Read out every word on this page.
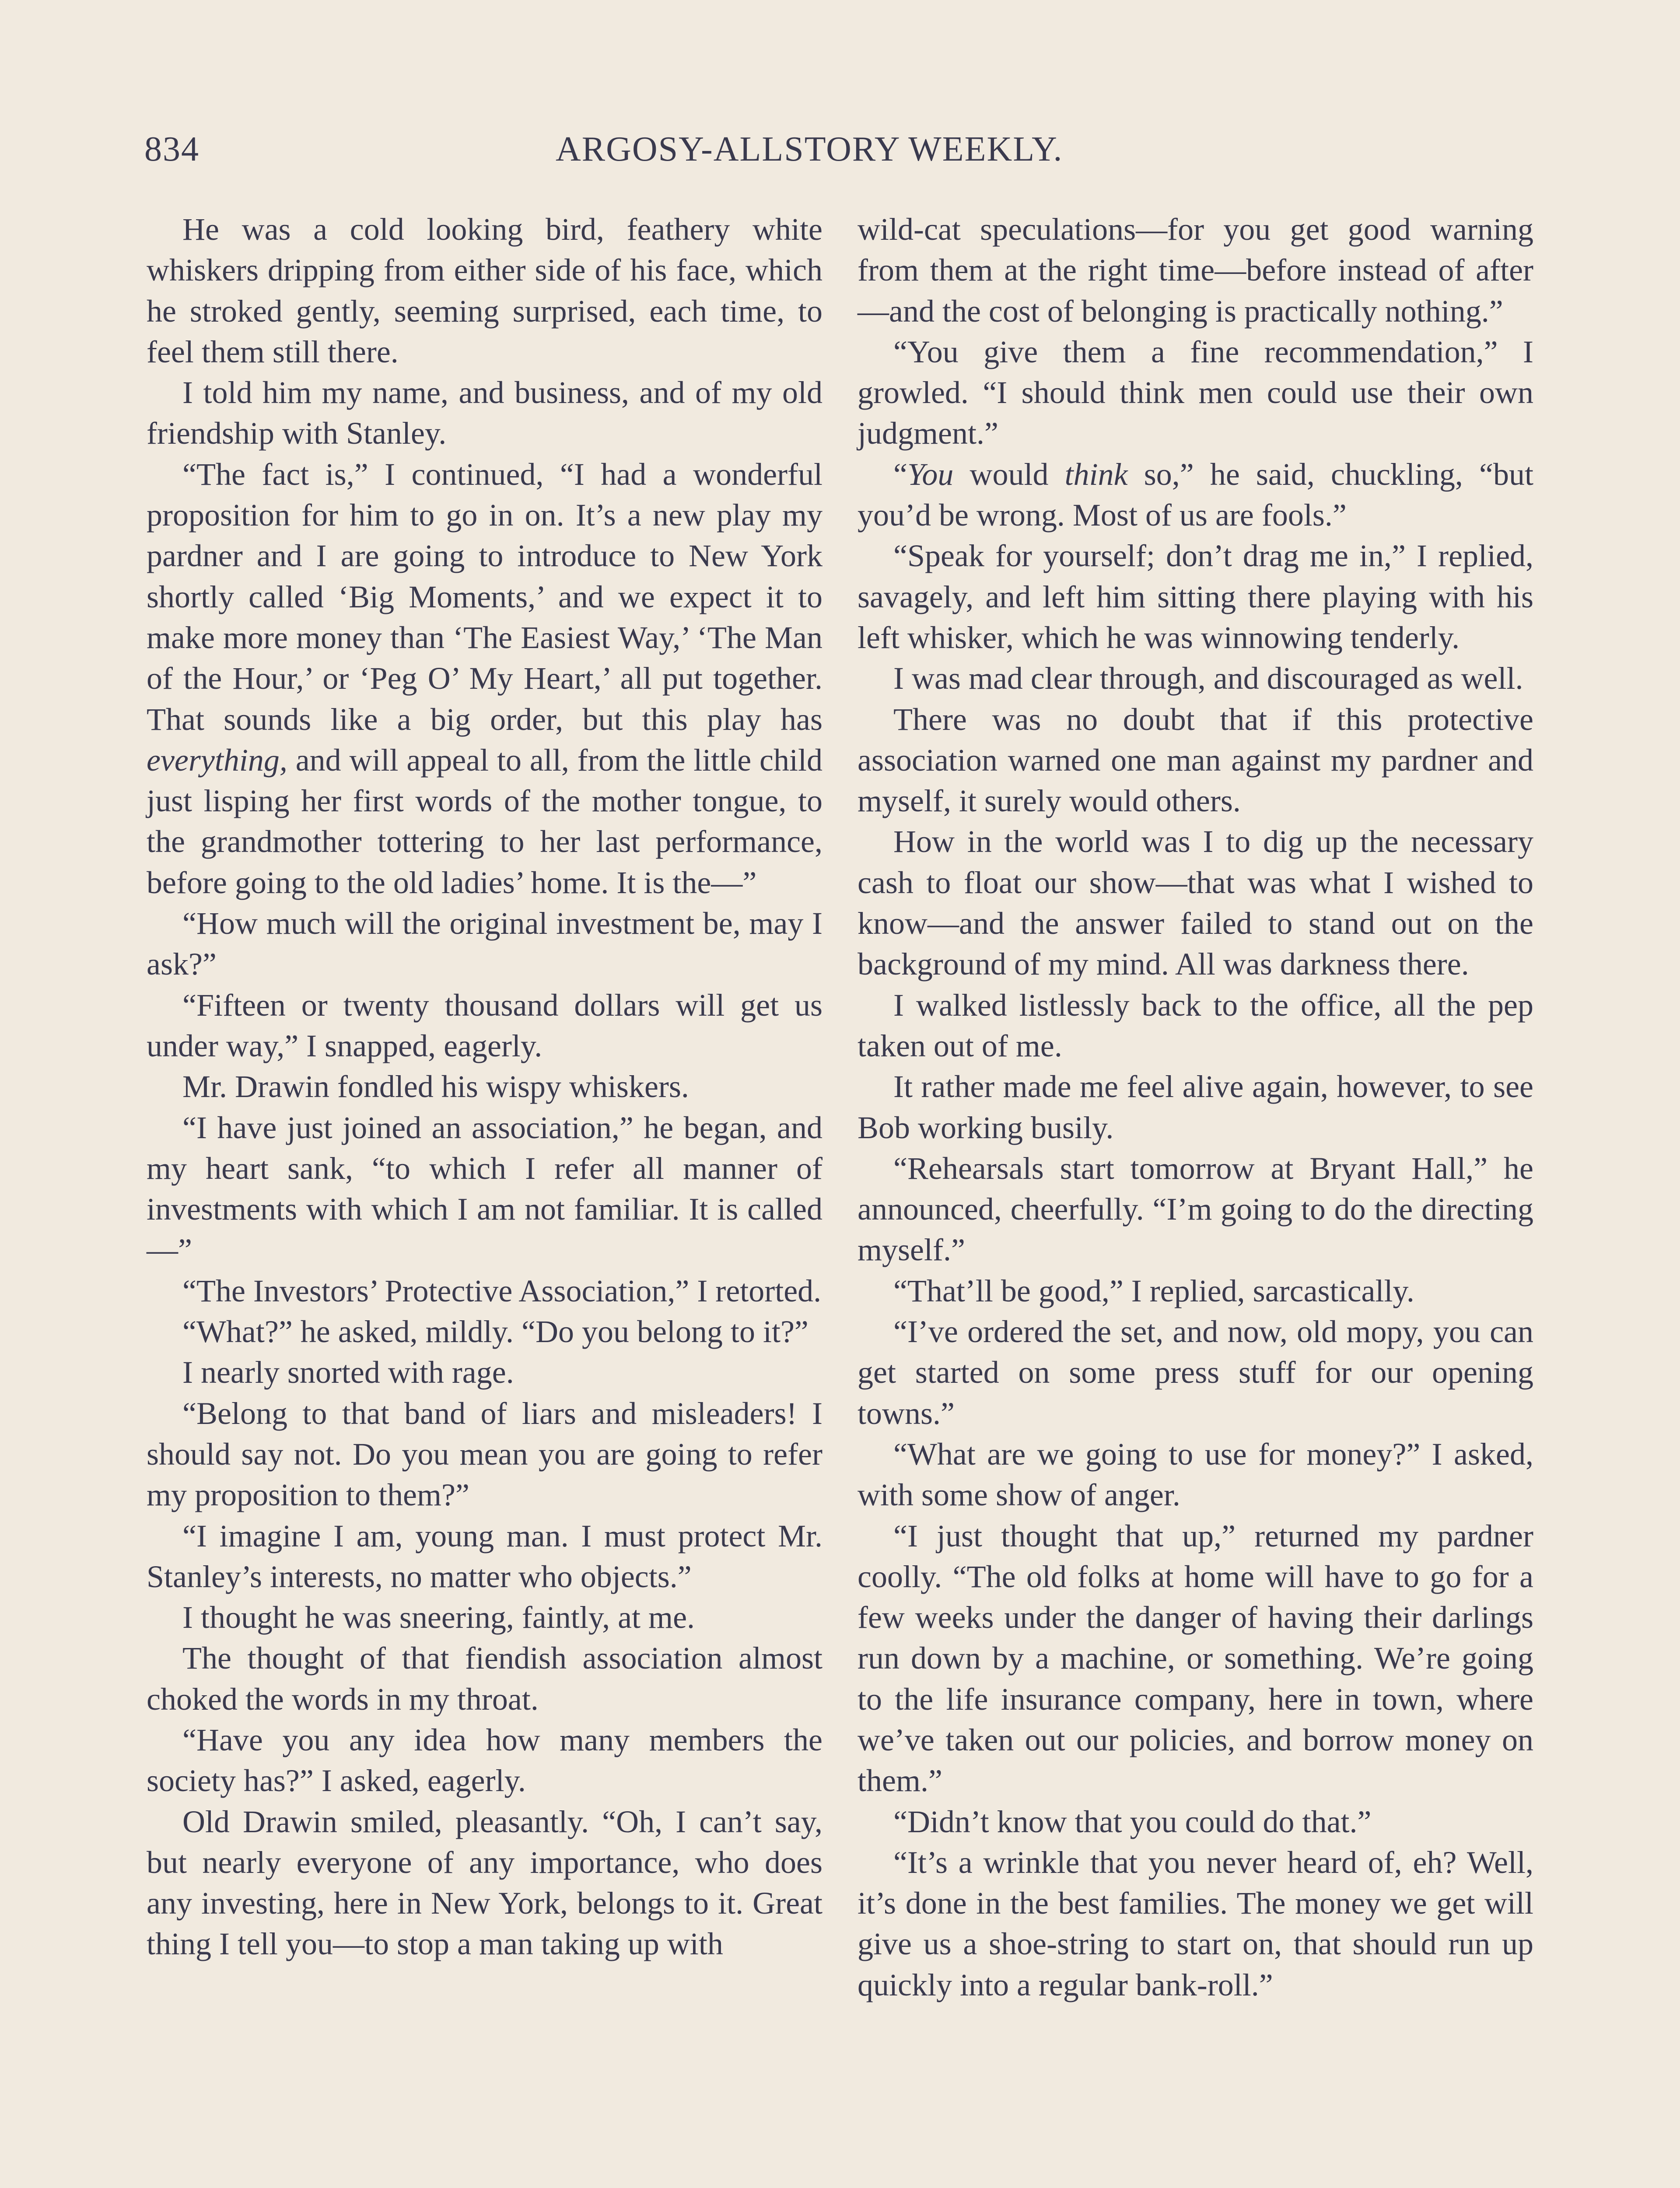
834	ARGOSY-ALLSTORY WEEKLY.

He was a cold looking bird, feathery white whiskers dripping from either side of his face, which he stroked gently, seeming surprised, each time, to feel them still there.

I told him my name, and business, and of my old friendship with Stanley.

“The fact is,” I continued, “I had a wonderful proposition for him to go in on. It’s a new play my pardner and I are going to introduce to New York shortly called ‘Big Moments,’ and we expect it to make more money than ‘The Easiest Way,’ ‘The Man of the Hour,’ or ‘Peg O’ My Heart,’ all put together. That sounds like a big order, but this play has everything, and will appeal to all, from the little child just lisping her first words of the mother tongue, to the grandmother tottering to her last performance, before going to the old ladies’ home. It is the—”

“How much will the original investment be, may I ask?”

“Fifteen or twenty thousand dollars will get us under way,” I snapped, eagerly.

Mr. Drawin fondled his wispy whiskers.

“I have just joined an association,” he began, and my heart sank, “to which I refer all manner of investments with which I am not familiar. It is called—”

“The Investors’ Protective Association,” I retorted.

“What?” he asked, mildly. “Do you belong to it?”

I nearly snorted with rage.

“Belong to that band of liars and misleaders! I should say not. Do you mean you are going to refer my proposition to them?”

“I imagine I am, young man. I must protect Mr. Stanley’s interests, no matter who objects.”

I thought he was sneering, faintly, at me.

The thought of that fiendish association almost choked the words in my throat.

“Have you any idea how many members the society has?” I asked, eagerly.

Old Drawin smiled, pleasantly. “Oh, I can’t say, but nearly everyone of any importance, who does any investing, here in New York, belongs to it. Great thing I tell you—to stop a man taking up with

wild-cat speculations—for you get good warning from them at the right time—before instead of after—and the cost of belonging is practically nothing.”

“You give them a fine recommendation,” I growled. “I should think men could use their own judgment.”

“You would think so,” he said, chuckling, “but you’d be wrong. Most of us are fools.”

“Speak for yourself; don’t drag me in,” I replied, savagely, and left him sitting there playing with his left whisker, which he was winnowing tenderly.

I was mad clear through, and discouraged as well.

There was no doubt that if this protective association warned one man against my pardner and myself, it surely would others.

How in the world was I to dig up the necessary cash to float our show—that was what I wished to know—and the answer failed to stand out on the background of my mind. All was darkness there.

I walked listlessly back to the office, all the pep taken out of me.

It rather made me feel alive again, however, to see Bob working busily.

“Rehearsals start tomorrow at Bryant Hall,” he announced, cheerfully. “I’m going to do the directing myself.”

“That’ll be good,” I replied, sarcastically.

“I’ve ordered the set, and now, old mopy, you can get started on some press stuff for our opening towns.”

“What are we going to use for money?” I asked, with some show of anger.

“I just thought that up,” returned my pardner coolly. “The old folks at home will have to go for a few weeks under the danger of having their darlings run down by a machine, or something. We’re going to the life insurance company, here in town, where we’ve taken out our policies, and borrow money on them.”

“Didn’t know that you could do that.”

“It’s a wrinkle that you never heard of, eh? Well, it’s done in the best families. The money we get will give us a shoe-string to start on, that should run up quickly into a regular bank-roll.”
